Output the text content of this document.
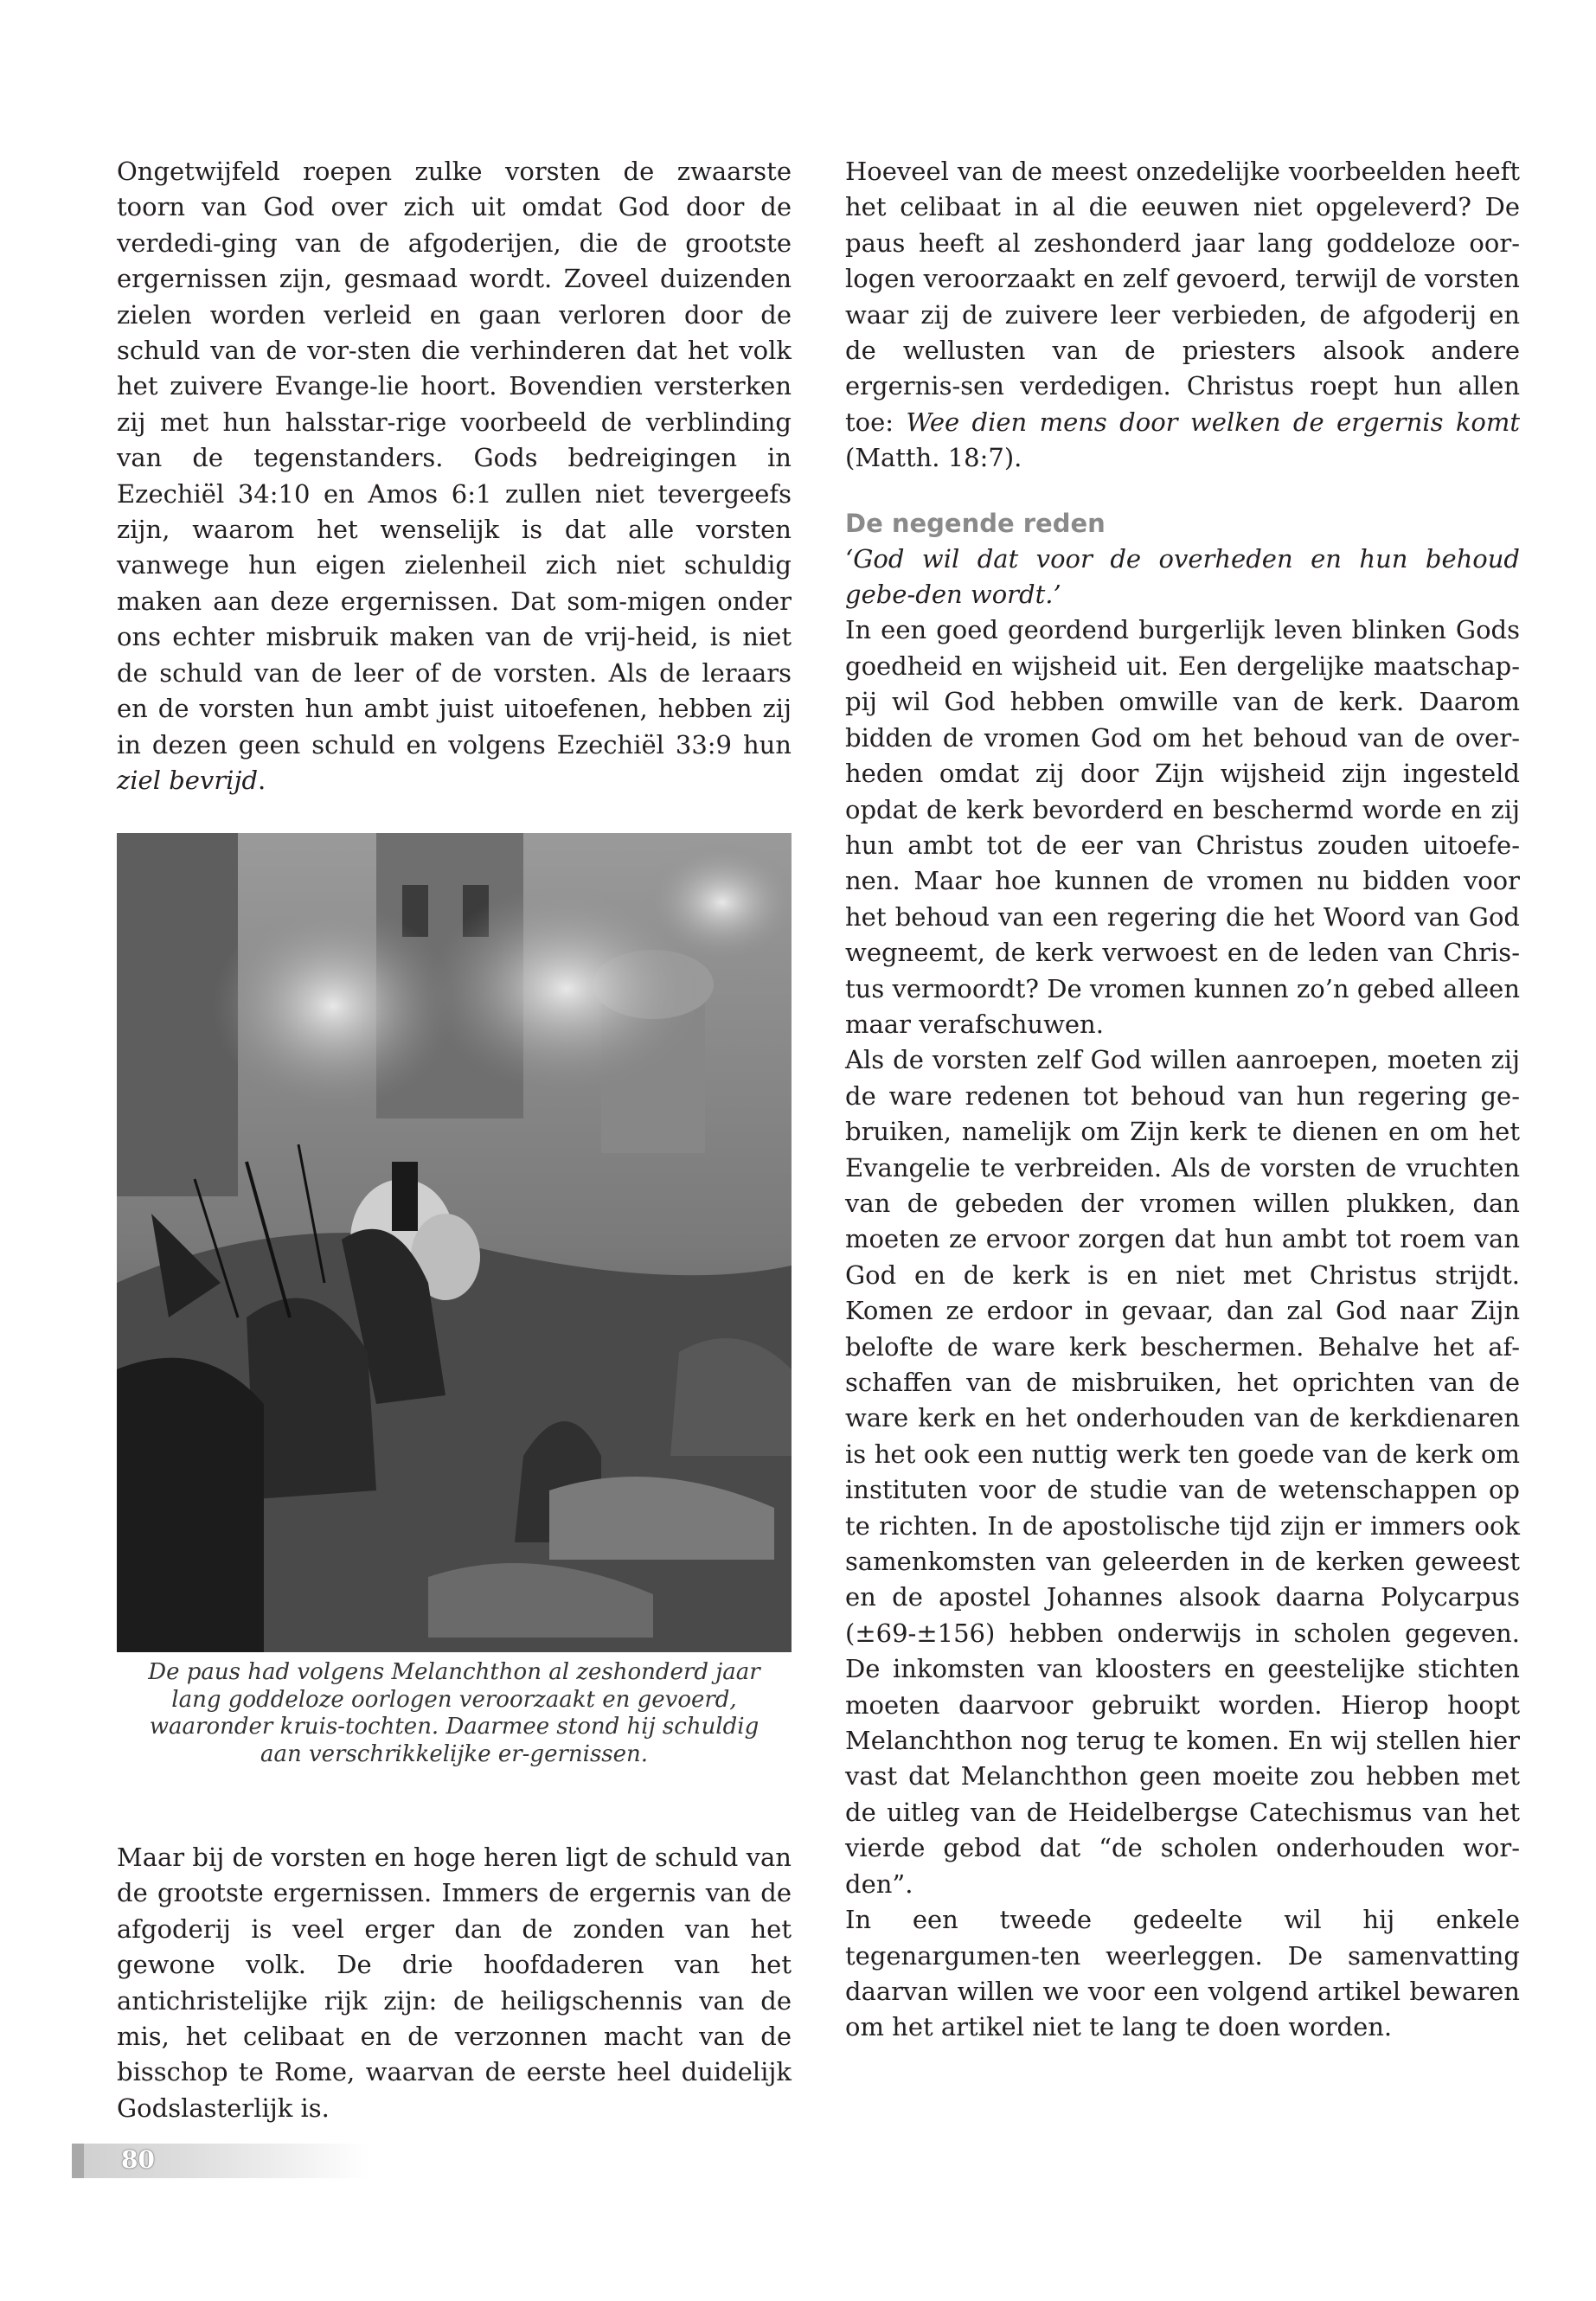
Ongetwijfeld roepen zulke vorsten de zwaarste toorn van God over zich uit omdat God door de verdedi-ging van de afgoderijen, die de grootste ergernissen zijn, gesmaad wordt. Zoveel duizenden zielen worden verleid en gaan verloren door de schuld van de vor-sten die verhinderen dat het volk het zuivere Evange-lie hoort. Bovendien versterken zij met hun halsstar-rige voorbeeld de verblinding van de tegenstanders. Gods bedreigingen in Ezechiël 34:10 en Amos 6:1 zullen niet tevergeefs zijn, waarom het wenselijk is dat alle vorsten vanwege hun eigen zielenheil zich niet schuldig maken aan deze ergernissen. Dat som-migen onder ons echter misbruik maken van de vrij-heid, is niet de schuld van de leer of de vorsten. Als de leraars en de vorsten hun ambt juist uitoefenen, hebben zij in dezen geen schuld en volgens Ezechiël 33:9 hun ziel bevrijd.

De paus had volgens Melanchthon al zeshonderd jaar lang goddeloze oorlogen veroorzaakt en gevoerd, waaronder kruis-tochten. Daarmee stond hij schuldig aan verschrikkelijke er-gernissen.

Maar bij de vorsten en hoge heren ligt de schuld van de grootste ergernissen. Immers de ergernis van de afgoderij is veel erger dan de zonden van het gewone volk. De drie hoofdaderen van het antichristelijke rijk zijn: de heiligschennis van de mis, het celibaat en de verzonnen macht van de bisschop te Rome, waarvan de eerste heel duidelijk Godslasterlijk is.

Hoeveel van de meest onzedelijke voorbeelden heeft het celibaat in al die eeuwen niet opgeleverd? De paus heeft al zeshonderd jaar lang goddeloze oor-logen veroorzaakt en zelf gevoerd, terwijl de vorsten waar zij de zuivere leer verbieden, de afgoderij en de wellusten van de priesters alsook andere ergernis-sen verdedigen. Christus roept hun allen toe: Wee dien mens door welken de ergernis komt (Matth. 18:7).

De negende reden

‘God wil dat voor de overheden en hun behoud gebe-den wordt.’

In een goed geordend burgerlijk leven blinken Gods goedheid en wijsheid uit. Een dergelijke maatschap-pij wil God hebben omwille van de kerk. Daarom bidden de vromen God om het behoud van de over-heden omdat zij door Zijn wijsheid zijn ingesteld opdat de kerk bevorderd en beschermd worde en zij hun ambt tot de eer van Christus zouden uitoefe-nen. Maar hoe kunnen de vromen nu bidden voor het behoud van een regering die het Woord van God wegneemt, de kerk verwoest en de leden van Chris-tus vermoordt? De vromen kunnen zo’n gebed alleen maar verafschuwen.

Als de vorsten zelf God willen aanroepen, moeten zij de ware redenen tot behoud van hun regering ge-bruiken, namelijk om Zijn kerk te dienen en om het Evangelie te verbreiden. Als de vorsten de vruchten van de gebeden der vromen willen plukken, dan moeten ze ervoor zorgen dat hun ambt tot roem van God en de kerk is en niet met Christus strijdt. Komen ze erdoor in gevaar, dan zal God naar Zijn belofte de ware kerk beschermen. Behalve het af-schaffen van de misbruiken, het oprichten van de ware kerk en het onderhouden van de kerkdienaren is het ook een nuttig werk ten goede van de kerk om instituten voor de studie van de wetenschappen op te richten. In de apostolische tijd zijn er immers ook samenkomsten van geleerden in de kerken geweest en de apostel Johannes alsook daarna Polycarpus (±69-±156) hebben onderwijs in scholen gegeven. De inkomsten van kloosters en geestelijke stichten moeten daarvoor gebruikt worden. Hierop hoopt Melanchthon nog terug te komen. En wij stellen hier vast dat Melanchthon geen moeite zou hebben met de uitleg van de Heidelbergse Catechismus van het vierde gebod dat “de scholen onderhouden wor-den”.

In een tweede gedeelte wil hij enkele tegenargumen-ten weerleggen. De samenvatting daarvan willen we voor een volgend artikel bewaren om het artikel niet te lang te doen worden.

80
